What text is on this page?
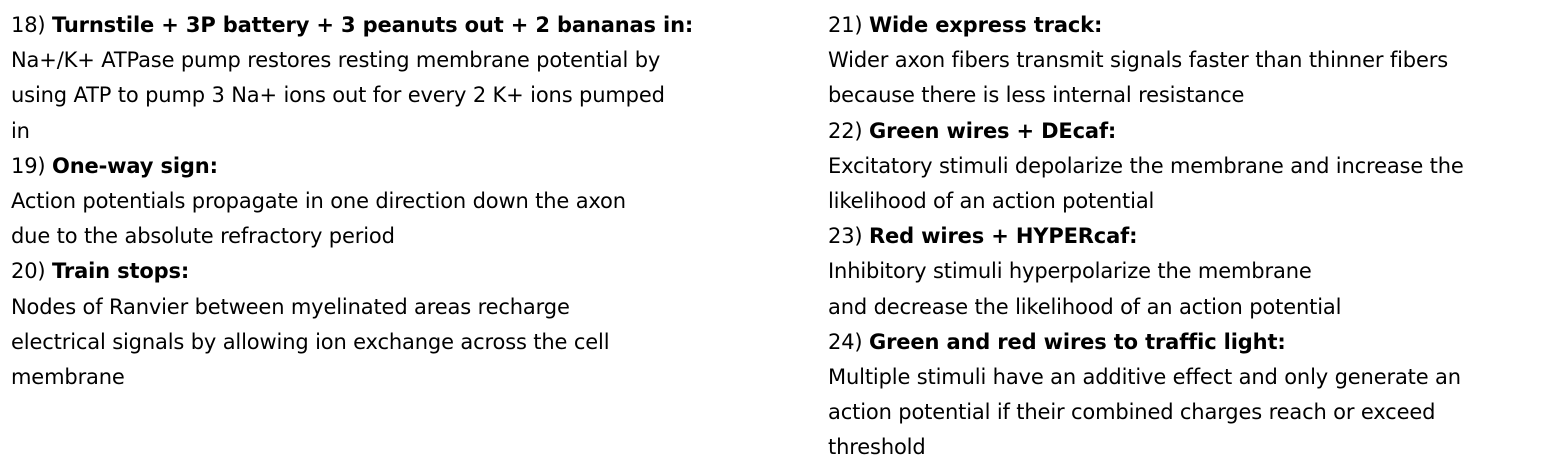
18) Turnstile + 3P battery + 3 peanuts out + 2 bananas in:
Na+/K+ ATPase pump restores resting membrane potential by
using ATP to pump 3 Na+ ions out for every 2 K+ ions pumped
in
19) One-way sign:
Action potentials propagate in one direction down the axon
due to the absolute refractory period
20) Train stops:
Nodes of Ranvier between myelinated areas recharge
electrical signals by allowing ion exchange across the cell
membrane
21) Wide express track:
Wider axon fibers transmit signals faster than thinner fibers
because there is less internal resistance
22) Green wires + DEcaf:
Excitatory stimuli depolarize the membrane and increase the
likelihood of an action potential
23) Red wires + HYPERcaf:
Inhibitory stimuli hyperpolarize the membrane
and decrease the likelihood of an action potential
24) Green and red wires to traffic light:
Multiple stimuli have an additive effect and only generate an
action potential if their combined charges reach or exceed
threshold
